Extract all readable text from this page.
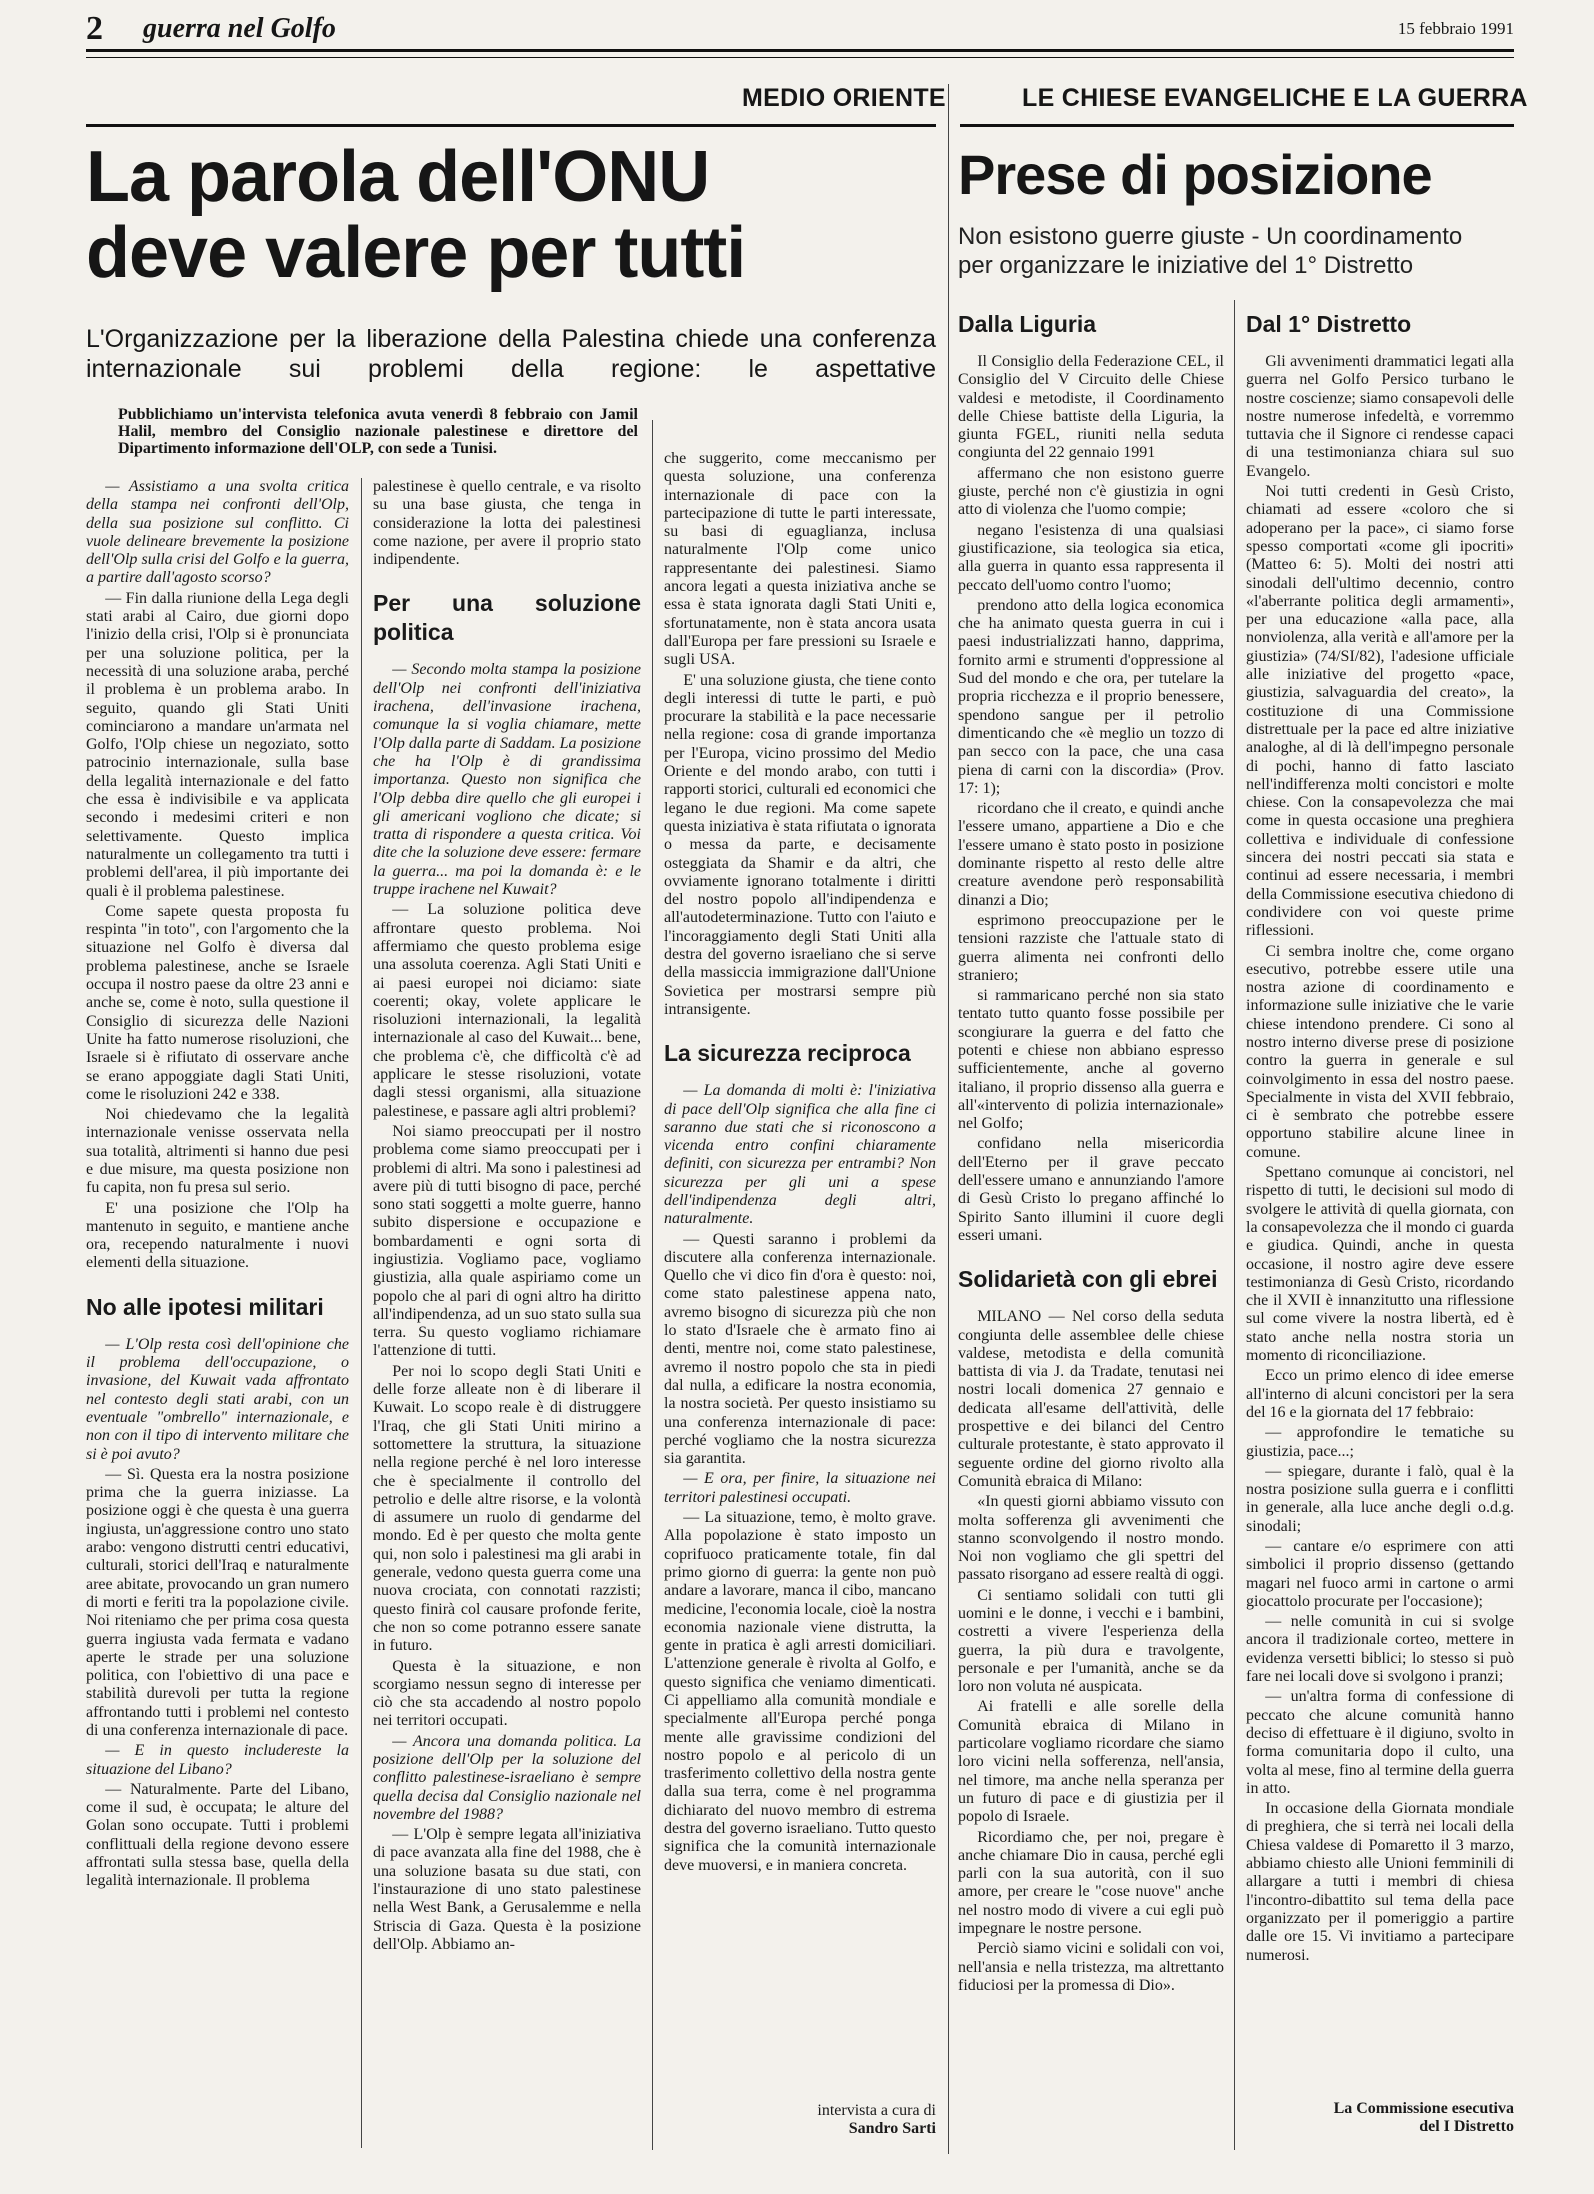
2 guerra nel Golfo	15 febbraio 1991
MEDIO ORIENTE
La parola dell'ONU
deve valere per tutti
L'Organizzazione per la liberazione della Palestina chiede una conferenza internazionale sui problemi della regione: le aspettative
Pubblichiamo un'intervista telefonica avuta venerdì 8 febbraio con Jamil Halil, membro del Consiglio nazionale palestinese e direttore del Dipartimento informazione dell'OLP, con sede a Tunisi.

— Assistiamo a una svolta critica della stampa nei confronti dell'Olp, della sua posizione sul conflitto. Ci vuole delineare brevemente la posizione dell'Olp sulla crisi del Golfo e la guerra, a partire dall'agosto scorso?

— Fin dalla riunione della Lega degli stati arabi al Cairo, due giorni dopo l'inizio della crisi, l'Olp si è pronunciata per una soluzione politica, per la necessità di una soluzione araba, perché il problema è un problema arabo. In seguito, quando gli Stati Uniti cominciarono a mandare un'armata nel Golfo, l'Olp chiese un negoziato, sotto patrocinio internazionale, sulla base della legalità internazionale e del fatto che essa è indivisibile e va applicata secondo i medesimi criteri e non selettivamente. Questo implica naturalmente un collegamento tra tutti i problemi dell'area, il più importante dei quali è il problema palestinese.

Come sapete questa proposta fu respinta "in toto", con l'argomento che la situazione nel Golfo è diversa dal problema palestinese, anche se Israele occupa il nostro paese da oltre 23 anni e anche se, come è noto, sulla questione il Consiglio di sicurezza delle Nazioni Unite ha fatto numerose risoluzioni, che Israele si è rifiutato di osservare anche se erano appoggiate dagli Stati Uniti, come le risoluzioni 242 e 338.

Noi chiedevamo che la legalità internazionale venisse osservata nella sua totalità, altrimenti si hanno due pesi e due misure, ma questa posizione non fu capita, non fu presa sul serio.

E' una posizione che l'Olp ha mantenuto in seguito, e mantiene anche ora, recependo naturalmente i nuovi elementi della situazione.

No alle ipotesi militari

— L'Olp resta così dell'opinione che il problema dell'occupazione, o invasione, del Kuwait vada affrontato nel contesto degli stati arabi, con un eventuale "ombrello" internazionale, e non con il tipo di intervento militare che si è poi avuto?

— Sì. Questa era la nostra posizione prima che la guerra iniziasse. La posizione oggi è che questa è una guerra ingiusta, un'aggressione contro uno stato arabo: vengono distrutti centri educativi, culturali, storici dell'Iraq e naturalmente aree abitate, provocando un gran numero di morti e feriti tra la popolazione civile. Noi riteniamo che per prima cosa questa guerra ingiusta vada fermata e vadano aperte le strade per una soluzione politica, con l'obiettivo di una pace e stabilità durevoli per tutta la regione affrontando tutti i problemi nel contesto di una conferenza internazionale di pace.

— E in questo includereste la situazione del Libano?

— Naturalmente. Parte del Libano, come il sud, è occupata; le alture del Golan sono occupate. Tutti i problemi conflittuali della regione devono essere affrontati sulla stessa base, quella della legalità internazionale. Il problema

palestinese è quello centrale, e va risolto su una base giusta, che tenga in considerazione la lotta dei palestinesi come nazione, per avere il proprio stato indipendente.

Per una soluzione politica

— Secondo molta stampa la posizione dell'Olp nei confronti dell'iniziativa irachena, dell'invasione irachena, comunque la si voglia chiamare, mette l'Olp dalla parte di Saddam. La posizione che ha l'Olp è di grandissima importanza. Questo non significa che l'Olp debba dire quello che gli europei i gli americani vogliono che dicate; si tratta di rispondere a questa critica. Voi dite che la soluzione deve essere: fermare la guerra... ma poi la domanda è: e le truppe irachene nel Kuwait?

— La soluzione politica deve affrontare questo problema. Noi affermiamo che questo problema esige una assoluta coerenza. Agli Stati Uniti e ai paesi europei noi diciamo: siate coerenti; okay, volete applicare le risoluzioni internazionali, la legalità internazionale al caso del Kuwait... bene, che problema c'è, che difficoltà c'è ad applicare le stesse risoluzioni, votate dagli stessi organismi, alla situazione palestinese, e passare agli altri problemi?

Noi siamo preoccupati per il nostro problema come siamo preoccupati per i problemi di altri. Ma sono i palestinesi ad avere più di tutti bisogno di pace, perché sono stati soggetti a molte guerre, hanno subito dispersione e occupazione e bombardamenti e ogni sorta di ingiustizia. Vogliamo pace, vogliamo giustizia, alla quale aspiriamo come un popolo che al pari di ogni altro ha diritto all'indipendenza, ad un suo stato sulla sua terra. Su questo vogliamo richiamare l'attenzione di tutti.

Per noi lo scopo degli Stati Uniti e delle forze alleate non è di liberare il Kuwait. Lo scopo reale è di distruggere l'Iraq, che gli Stati Uniti mirino a sottomettere la struttura, la situazione nella regione perché è nel loro interesse che è specialmente il controllo del petrolio e delle altre risorse, e la volontà di assumere un ruolo di gendarme del mondo. Ed è per questo che molta gente qui, non solo i palestinesi ma gli arabi in generale, vedono questa guerra come una nuova crociata, con connotati razzisti; questo finirà col causare profonde ferite, che non so come potranno essere sanate in futuro.

Questa è la situazione, e non scorgiamo nessun segno di interesse per ciò che sta accadendo al nostro popolo nei territori occupati.

— Ancora una domanda politica. La posizione dell'Olp per la soluzione del conflitto palestinese-israeliano è sempre quella decisa dal Consiglio nazionale nel novembre del 1988?

— L'Olp è sempre legata all'iniziativa di pace avanzata alla fine del 1988, che è una soluzione basata su due stati, con l'instaurazione di uno stato palestinese nella West Bank, a Gerusalemme e nella Striscia di Gaza. Questa è la posizione dell'Olp. Abbiamo an-

che suggerito, come meccanismo per questa soluzione, una conferenza internazionale di pace con la partecipazione di tutte le parti interessate, su basi di eguaglianza, inclusa naturalmente l'Olp come unico rappresentante dei palestinesi. Siamo ancora legati a questa iniziativa anche se essa è stata ignorata dagli Stati Uniti e, sfortunatamente, non è stata ancora usata dall'Europa per fare pressioni su Israele e sugli USA.

E' una soluzione giusta, che tiene conto degli interessi di tutte le parti, e può procurare la stabilità e la pace necessarie nella regione: cosa di grande importanza per l'Europa, vicino prossimo del Medio Oriente e del mondo arabo, con tutti i rapporti storici, culturali ed economici che legano le due regioni. Ma come sapete questa iniziativa è stata rifiutata o ignorata o messa da parte, e decisamente osteggiata da Shamir e da altri, che ovviamente ignorano totalmente i diritti del nostro popolo all'indipendenza e all'autodeterminazione. Tutto con l'aiuto e l'incoraggiamento degli Stati Uniti alla destra del governo israeliano che si serve della massiccia immigrazione dall'Unione Sovietica per mostrarsi sempre più intransigente.

La sicurezza reciproca

— La domanda di molti è: l'iniziativa di pace dell'Olp significa che alla fine ci saranno due stati che si riconoscono a vicenda entro confini chiaramente definiti, con sicurezza per entrambi? Non sicurezza per gli uni a spese dell'indipendenza degli altri, naturalmente.

— Questi saranno i problemi da discutere alla conferenza internazionale. Quello che vi dico fin d'ora è questo: noi, come stato palestinese appena nato, avremo bisogno di sicurezza più che non lo stato d'Israele che è armato fino ai denti, mentre noi, come stato palestinese, avremo il nostro popolo che sta in piedi dal nulla, a edificare la nostra economia, la nostra società. Per questo insistiamo su una conferenza internazionale di pace: perché vogliamo che la nostra sicurezza sia garantita.

— E ora, per finire, la situazione nei territori palestinesi occupati.

— La situazione, temo, è molto grave. Alla popolazione è stato imposto un coprifuoco praticamente totale, fin dal primo giorno di guerra: la gente non può andare a lavorare, manca il cibo, mancano medicine, l'economia locale, cioè la nostra economia nazionale viene distrutta, la gente in pratica è agli arresti domiciliari. L'attenzione generale è rivolta al Golfo, e questo significa che veniamo dimenticati. Ci appelliamo alla comunità mondiale e specialmente all'Europa perché ponga mente alle gravissime condizioni del nostro popolo e al pericolo di un trasferimento collettivo della nostra gente dalla sua terra, come è nel programma dichiarato del nuovo membro di estrema destra del governo israeliano. Tutto questo significa che la comunità internazionale deve muoversi, e in maniera concreta.

intervista a cura di
Sandro Sarti
LE CHIESE EVANGELICHE E LA GUERRA
Prese di posizione
Non esistono guerre giuste - Un coordinamento
per organizzare le iniziative del 1° Distretto
Dalla Liguria

Il Consiglio della Federazione CEL, il Consiglio del V Circuito delle Chiese valdesi e metodiste, il Coordinamento delle Chiese battiste della Liguria, la giunta FGEL, riuniti nella seduta congiunta del 22 gennaio 1991

affermano che non esistono guerre giuste, perché non c'è giustizia in ogni atto di violenza che l'uomo compie;

negano l'esistenza di una qualsiasi giustificazione, sia teologica sia etica, alla guerra in quanto essa rappresenta il peccato dell'uomo contro l'uomo;

prendono atto della logica economica che ha animato questa guerra in cui i paesi industrializzati hanno, dapprima, fornito armi e strumenti d'oppressione al Sud del mondo e che ora, per tutelare la propria ricchezza e il proprio benessere, spendono sangue per il petrolio dimenticando che «è meglio un tozzo di pan secco con la pace, che una casa piena di carni con la discordia» (Prov. 17: 1);

ricordano che il creato, e quindi anche l'essere umano, appartiene a Dio e che l'essere umano è stato posto in posizione dominante rispetto al resto delle altre creature avendone però responsabilità dinanzi a Dio;

esprimono preoccupazione per le tensioni razziste che l'attuale stato di guerra alimenta nei confronti dello straniero;

si rammaricano perché non sia stato tentato tutto quanto fosse possibile per scongiurare la guerra e del fatto che potenti e chiese non abbiano espresso sufficientemente, anche al governo italiano, il proprio dissenso alla guerra e all'«intervento di polizia internazionale» nel Golfo;

confidano nella misericordia dell'Eterno per il grave peccato dell'essere umano e annunziando l'amore di Gesù Cristo lo pregano affinché lo Spirito Santo illumini il cuore degli esseri umani.

Solidarietà con gli ebrei

MILANO — Nel corso della seduta congiunta delle assemblee delle chiese valdese, metodista e della comunità battista di via J. da Tradate, tenutasi nei nostri locali domenica 27 gennaio e dedicata all'esame dell'attività, delle prospettive e dei bilanci del Centro culturale protestante, è stato approvato il seguente ordine del giorno rivolto alla Comunità ebraica di Milano:

«In questi giorni abbiamo vissuto con molta sofferenza gli avvenimenti che stanno sconvolgendo il nostro mondo. Noi non vogliamo che gli spettri del passato risorgano ad essere realtà di oggi.

Ci sentiamo solidali con tutti gli uomini e le donne, i vecchi e i bambini, costretti a vivere l'esperienza della guerra, la più dura e travolgente, personale e per l'umanità, anche se da loro non voluta né auspicata.

Ai fratelli e alle sorelle della Comunità ebraica di Milano in particolare vogliamo ricordare che siamo loro vicini nella sofferenza, nell'ansia, nel timore, ma anche nella speranza per un futuro di pace e di giustizia per il popolo di Israele.

Ricordiamo che, per noi, pregare è anche chiamare Dio in causa, perché egli parli con la sua autorità, con il suo amore, per creare le "cose nuove" anche nel nostro modo di vivere a cui egli può impegnare le nostre persone.

Perciò siamo vicini e solidali con voi, nell'ansia e nella tristezza, ma altrettanto fiduciosi per la promessa di Dio».

Dal 1° Distretto

Gli avvenimenti drammatici legati alla guerra nel Golfo Persico turbano le nostre coscienze; siamo consapevoli delle nostre numerose infedeltà, e vorremmo tuttavia che il Signore ci rendesse capaci di una testimonianza chiara sul suo Evangelo.

Noi tutti credenti in Gesù Cristo, chiamati ad essere «coloro che si adoperano per la pace», ci siamo forse spesso comportati «come gli ipocriti» (Matteo 6: 5). Molti dei nostri atti sinodali dell'ultimo decennio, contro «l'aberrante politica degli armamenti», per una educazione «alla pace, alla nonviolenza, alla verità e all'amore per la giustizia» (74/SI/82), l'adesione ufficiale alle iniziative del progetto «pace, giustizia, salvaguardia del creato», la costituzione di una Commissione distrettuale per la pace ed altre iniziative analoghe, al di là dell'impegno personale di pochi, hanno di fatto lasciato nell'indifferenza molti concistori e molte chiese. Con la consapevolezza che mai come in questa occasione una preghiera collettiva e individuale di confessione sincera dei nostri peccati sia stata e continui ad essere necessaria, i membri della Commissione esecutiva chiedono di condividere con voi queste prime riflessioni.

Ci sembra inoltre che, come organo esecutivo, potrebbe essere utile una nostra azione di coordinamento e informazione sulle iniziative che le varie chiese intendono prendere. Ci sono al nostro interno diverse prese di posizione contro la guerra in generale e sul coinvolgimento in essa del nostro paese. Specialmente in vista del XVII febbraio, ci è sembrato che potrebbe essere opportuno stabilire alcune linee in comune.

Spettano comunque ai concistori, nel rispetto di tutti, le decisioni sul modo di svolgere le attività di quella giornata, con la consapevolezza che il mondo ci guarda e giudica. Quindi, anche in questa occasione, il nostro agire deve essere testimonianza di Gesù Cristo, ricordando che il XVII è innanzitutto una riflessione sul come vivere la nostra libertà, ed è stato anche nella nostra storia un momento di riconciliazione.

Ecco un primo elenco di idee emerse all'interno di alcuni concistori per la sera del 16 e la giornata del 17 febbraio:

— approfondire le tematiche su giustizia, pace...;

— spiegare, durante i falò, qual è la nostra posizione sulla guerra e i conflitti in generale, alla luce anche degli o.d.g. sinodali;

— cantare e/o esprimere con atti simbolici il proprio dissenso (gettando magari nel fuoco armi in cartone o armi giocattolo procurate per l'occasione);

— nelle comunità in cui si svolge ancora il tradizionale corteo, mettere in evidenza versetti biblici; lo stesso si può fare nei locali dove si svolgono i pranzi;

— un'altra forma di confessione di peccato che alcune comunità hanno deciso di effettuare è il digiuno, svolto in forma comunitaria dopo il culto, una volta al mese, fino al termine della guerra in atto.

In occasione della Giornata mondiale di preghiera, che si terrà nei locali della Chiesa valdese di Pomaretto il 3 marzo, abbiamo chiesto alle Unioni femminili di allargare a tutti i membri di chiesa l'incontro-dibattito sul tema della pace organizzato per il pomeriggio a partire dalle ore 15. Vi invitiamo a partecipare numerosi.

La Commissione esecutiva
del I Distretto
